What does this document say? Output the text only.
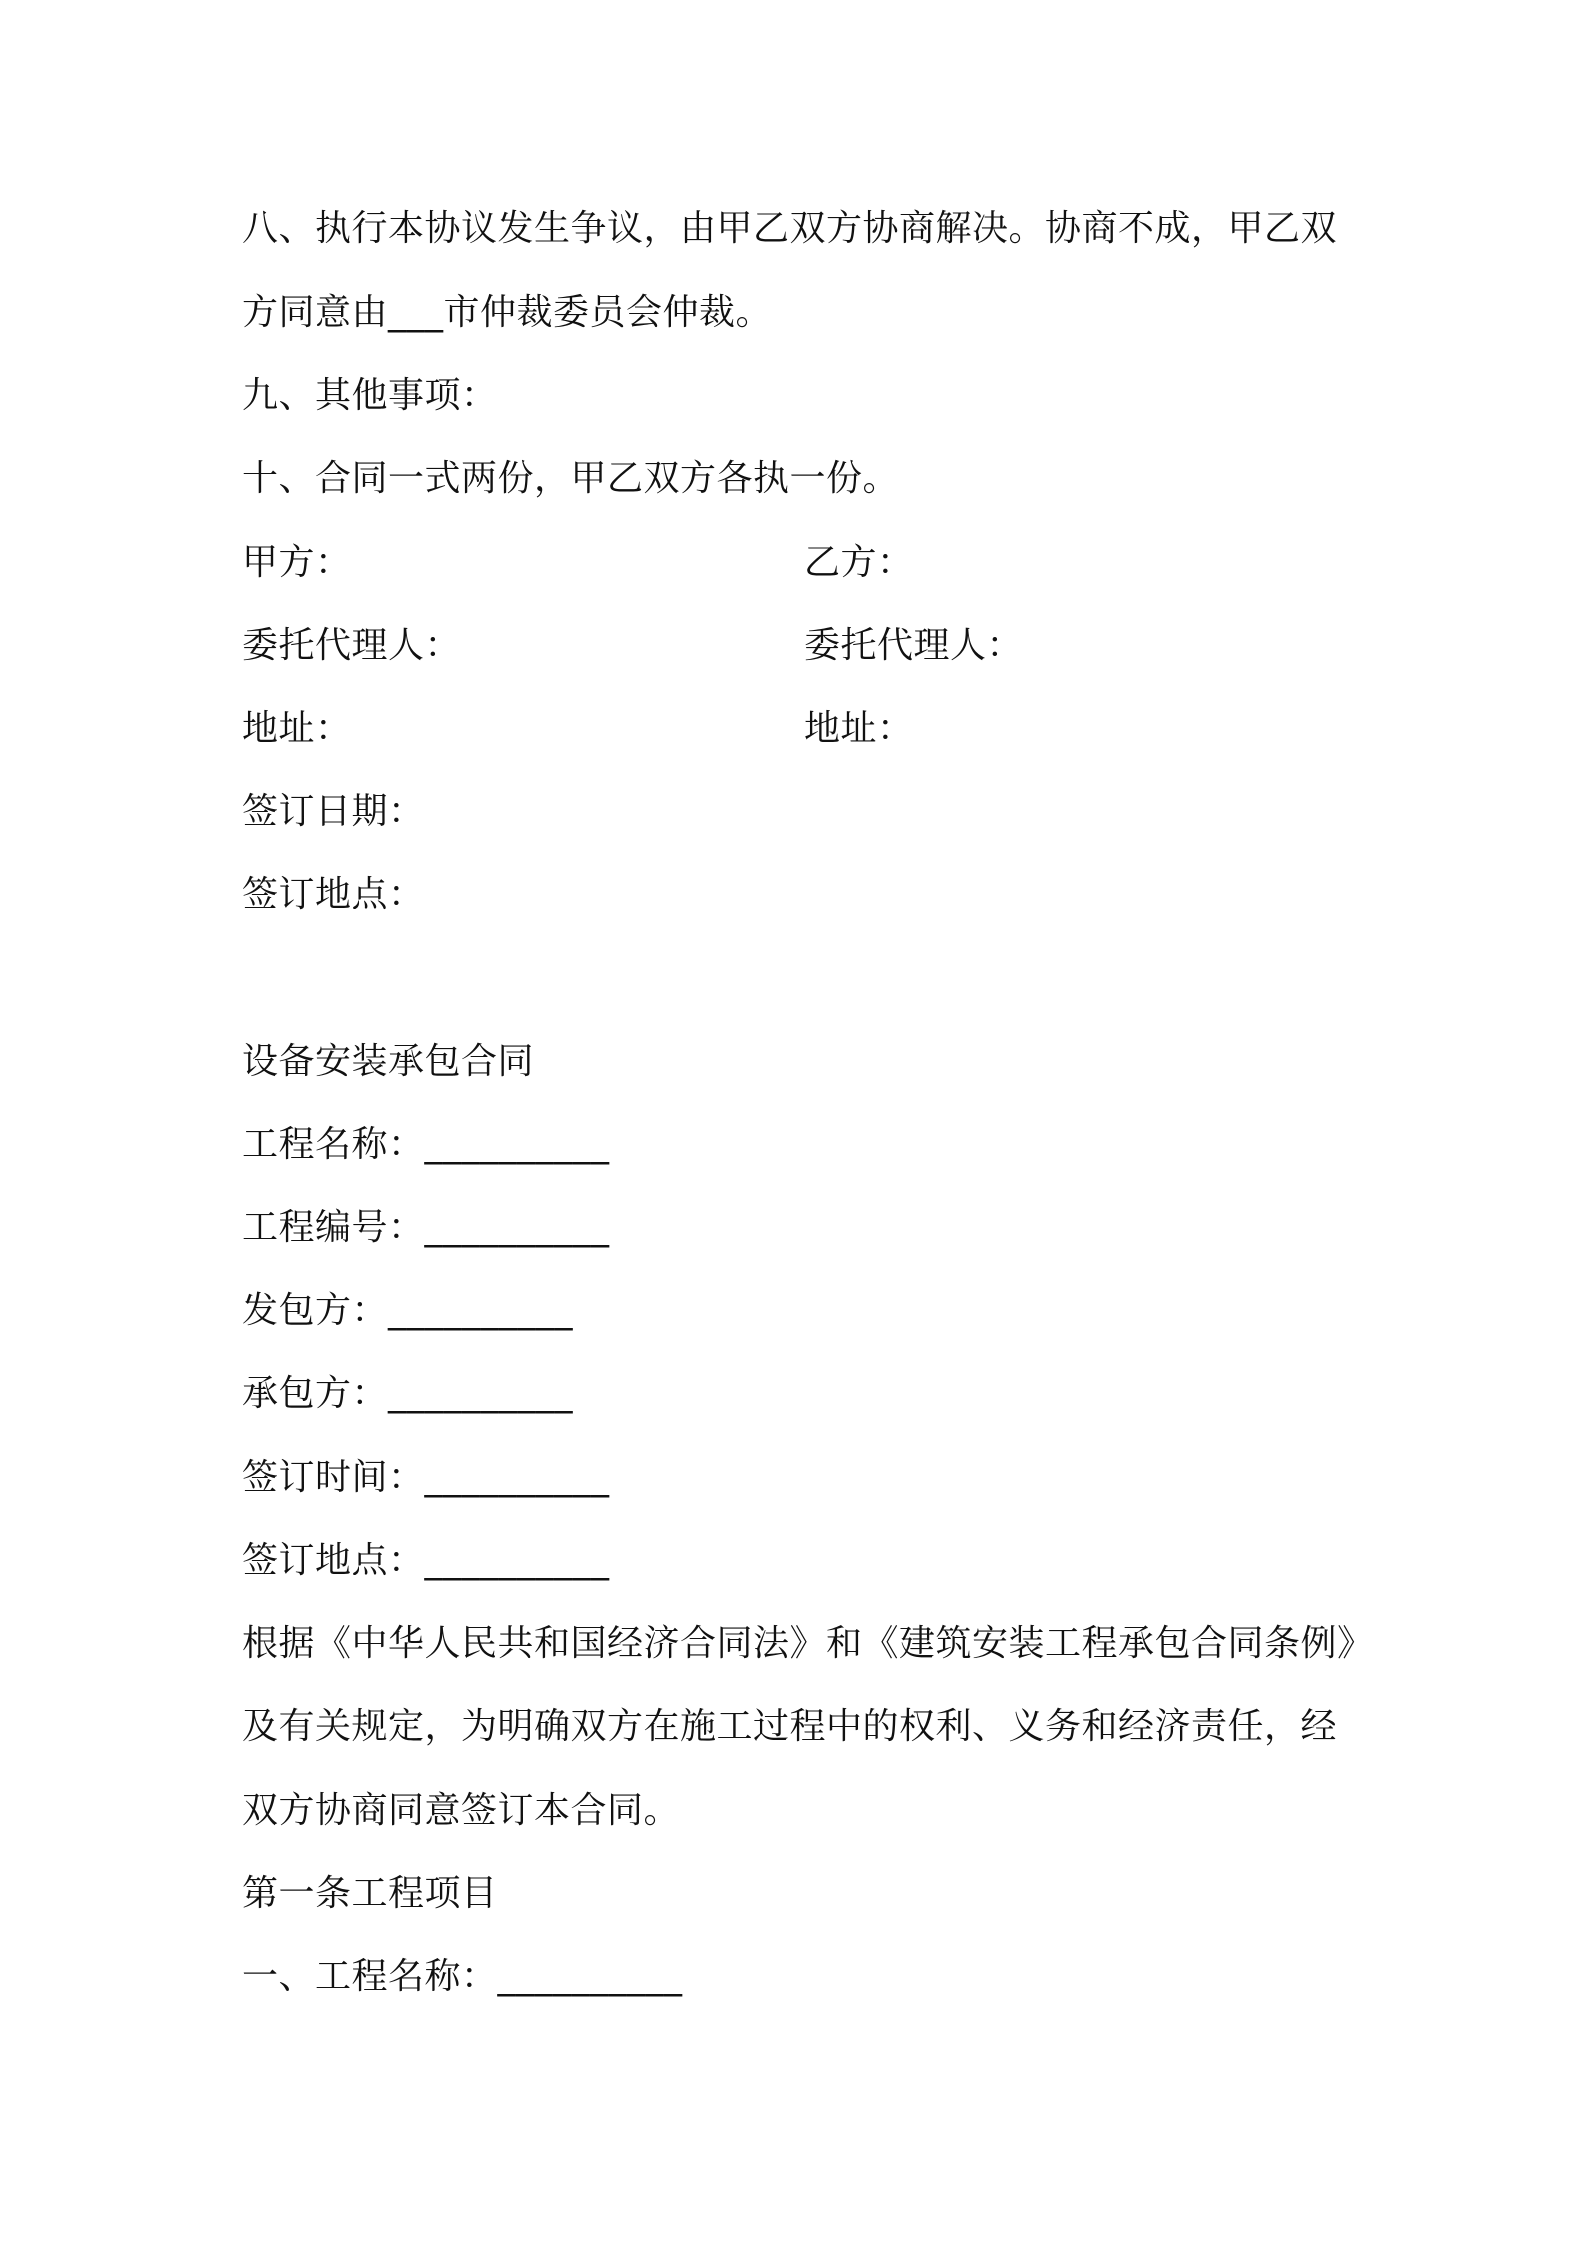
八、执行本协议发生争议，由甲乙双方协商解决。协商不成，甲乙双
方同意由___市仲裁委员会仲裁。
九、其他事项：
十、合同一式两份，甲乙双方各执一份。
甲方：	乙方：
委托代理人：	委托代理人：
地址：	地址：
签订日期：
签订地点：
设备安装承包合同
工程名称：__________
工程编号：__________
发包方：__________
承包方：__________
签订时间：__________
签订地点：__________
根据《中华人民共和国经济合同法》和《建筑安装工程承包合同条例》
及有关规定，为明确双方在施工过程中的权利、义务和经济责任，经
双方协商同意签订本合同。
第一条工程项目
一、工程名称：__________
